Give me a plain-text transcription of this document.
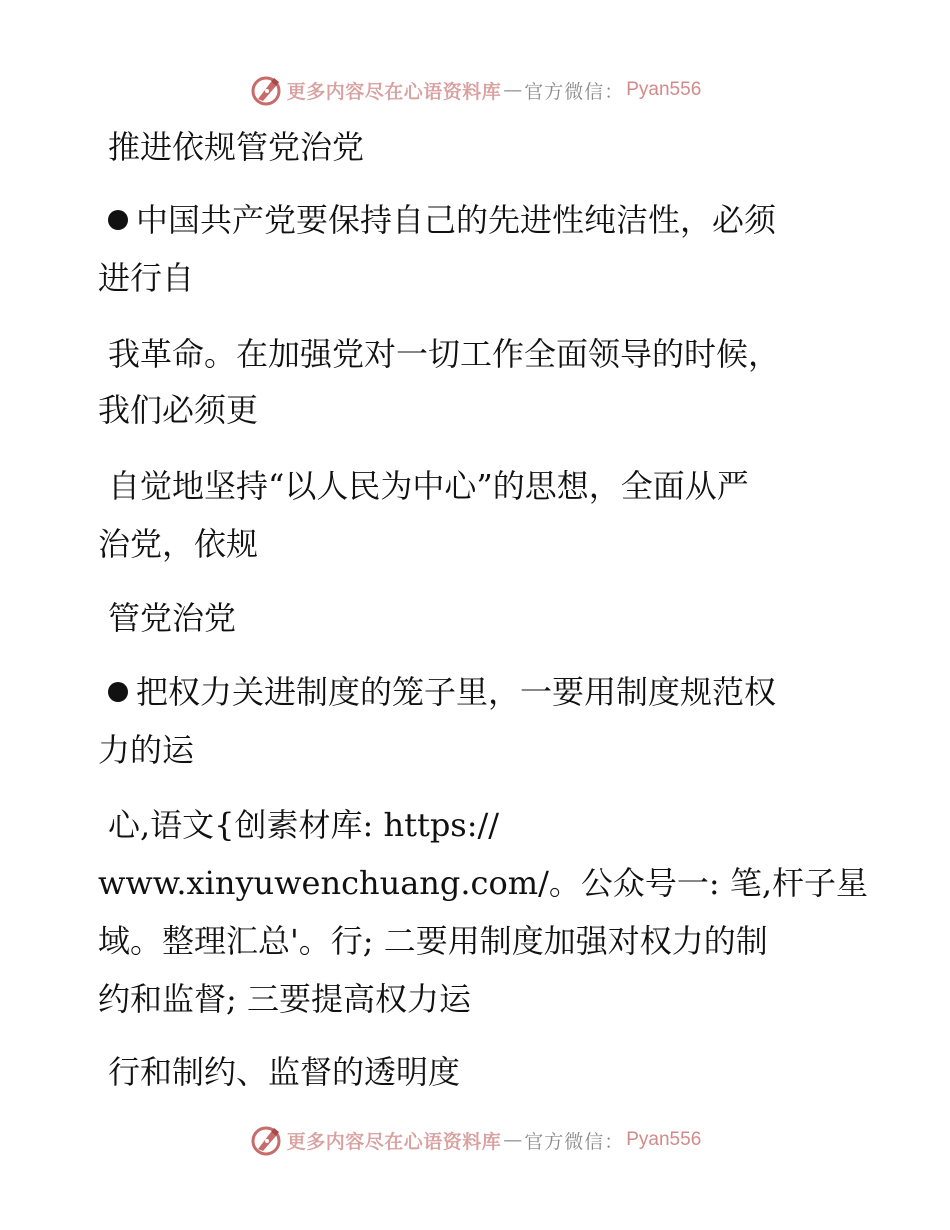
更多内容尽在心语资料库 — 官方微信： Pyan556
推进依规管党治党
中国共产党要保持自己的先进性纯洁性，必须
进行自
我革命。在加强党对一切工作全面领导的时候，
我们必须更
自觉地坚持“以人民为中心”的思想，全面从严
治党，依规
管党治党
把权力关进制度的笼子里，一要用制度规范权
力的运
心,语文{创素材库: https://
www.xinyuwenchuang.com/。公众号一: 笔,杆子星
域。整理汇总'。行; 二要用制度加强对权力的制
约和监督; 三要提高权力运
行和制约、监督的透明度
更多内容尽在心语资料库 — 官方微信： Pyan556
